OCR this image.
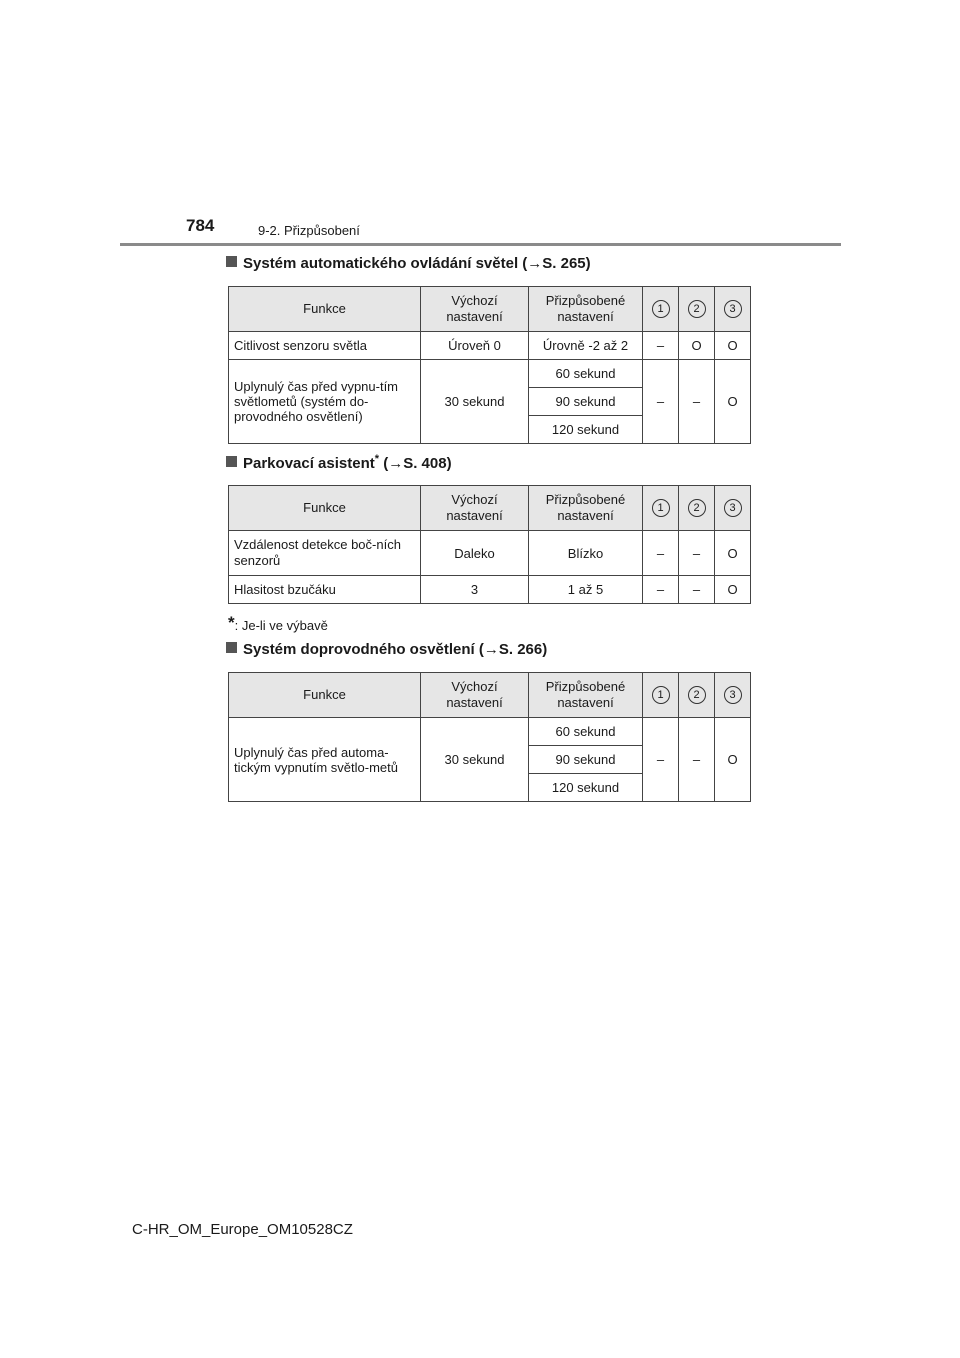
784	9-2. Přizpůsobení
Systém automatického ovládání světel (→S. 265)
Funkce	Výchozí nastavení	Přizpůsobené nastavení	1	2	3
Citlivost senzoru světla	Úroveň 0	Úrovně -2 až 2	–	O	O
Uplynulý čas před vypnu-tím světlometů (systém do-provodného osvětlení)	30 sekund	60 sekund	–	–	O
		90 sekund			
		120 sekund			
Parkovací asistent* (→S. 408)
Funkce	Výchozí nastavení	Přizpůsobené nastavení	1	2	3
Vzdálenost detekce boč-ních senzorů	Daleko	Blízko	–	–	O
Hlasitost bzučáku	3	1 až 5	–	–	O
*: Je-li ve výbavě
Systém doprovodného osvětlení (→S. 266)
Funkce	Výchozí nastavení	Přizpůsobené nastavení	1	2	3
Uplynulý čas před automa-tickým vypnutím světlo-metů	30 sekund	60 sekund	–	–	O
		90 sekund			
		120 sekund			
C-HR_OM_Europe_OM10528CZ
